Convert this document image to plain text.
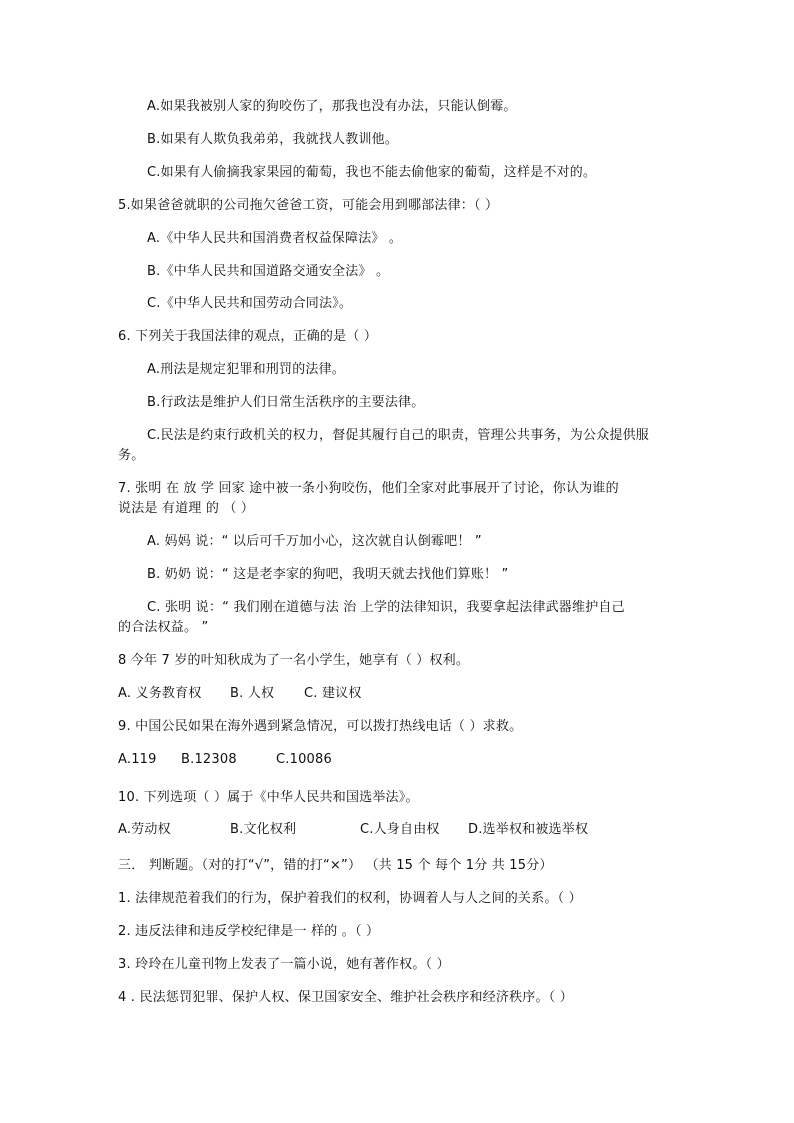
A.如果我被别人家的狗咬伤了，那我也没有办法，只能认倒霉。
B.如果有人欺负我弟弟，我就找人教训他。
C.如果有人偷摘我家果园的葡萄，我也不能去偷他家的葡萄，这样是不对的。
5.如果爸爸就职的公司拖欠爸爸工资，可能会用到哪部法律：（ ）
A.《中华人民共和国消费者权益保障法》 。
B.《中华人民共和国道路交通安全法》 。
C.《中华人民共和国劳动合同法》。
6. 下列关于我国法律的观点，正确的是（ ）
A.刑法是规定犯罪和刑罚的法律。
B.行政法是维护人们日常生活秩序的主要法律。
C.民法是约束行政机关的权力，督促其履行自己的职责，管理公共事务，为公众提供服
务。
7. 张明 在 放 学 回家 途中被一条小狗咬伤，他们全家对此事展开了讨论，你认为谁的
说法是 有道理 的 （ ）
A. 妈妈 说：“ 以后可千万加小心，这次就自认倒霉吧！ ”
B. 奶奶 说：“ 这是老李家的狗吧，我明天就去找他们算账！ ”
C. 张明 说：“ 我们刚在道德与法 治 上学的法律知识，我要拿起法律武器维护自己
的合法权益。 ”
8 今年 7 岁的叶知秋成为了一名小学生，她享有（ ）权利。
A. 义务教育权 B. 人权 C. 建议权
9. 中国公民如果在海外遇到紧急情况，可以拨打热线电话（ ）求救。
A.119 B.12308	C.10086
10. 下列选项（ ）属于《中华人民共和国选举法》。
A.劳动权	B.文化权利	C.人身自由权 D.选举权和被选举权
三． 判断题。（对的打“√”，错的打“×”） （共 15 个 每个 1分 共 15分）
1. 法律规范着我们的行为，保护着我们的权利，协调着人与人之间的关系。（ ）
2. 违反法律和违反学校纪律是一 样的 。（ ）
3. 玲玲在儿童刊物上发表了一篇小说，她有著作权。（ ）
4 . 民法惩罚犯罪、保护人权、保卫国家安全、维护社会秩序和经济秩序。（ ）
